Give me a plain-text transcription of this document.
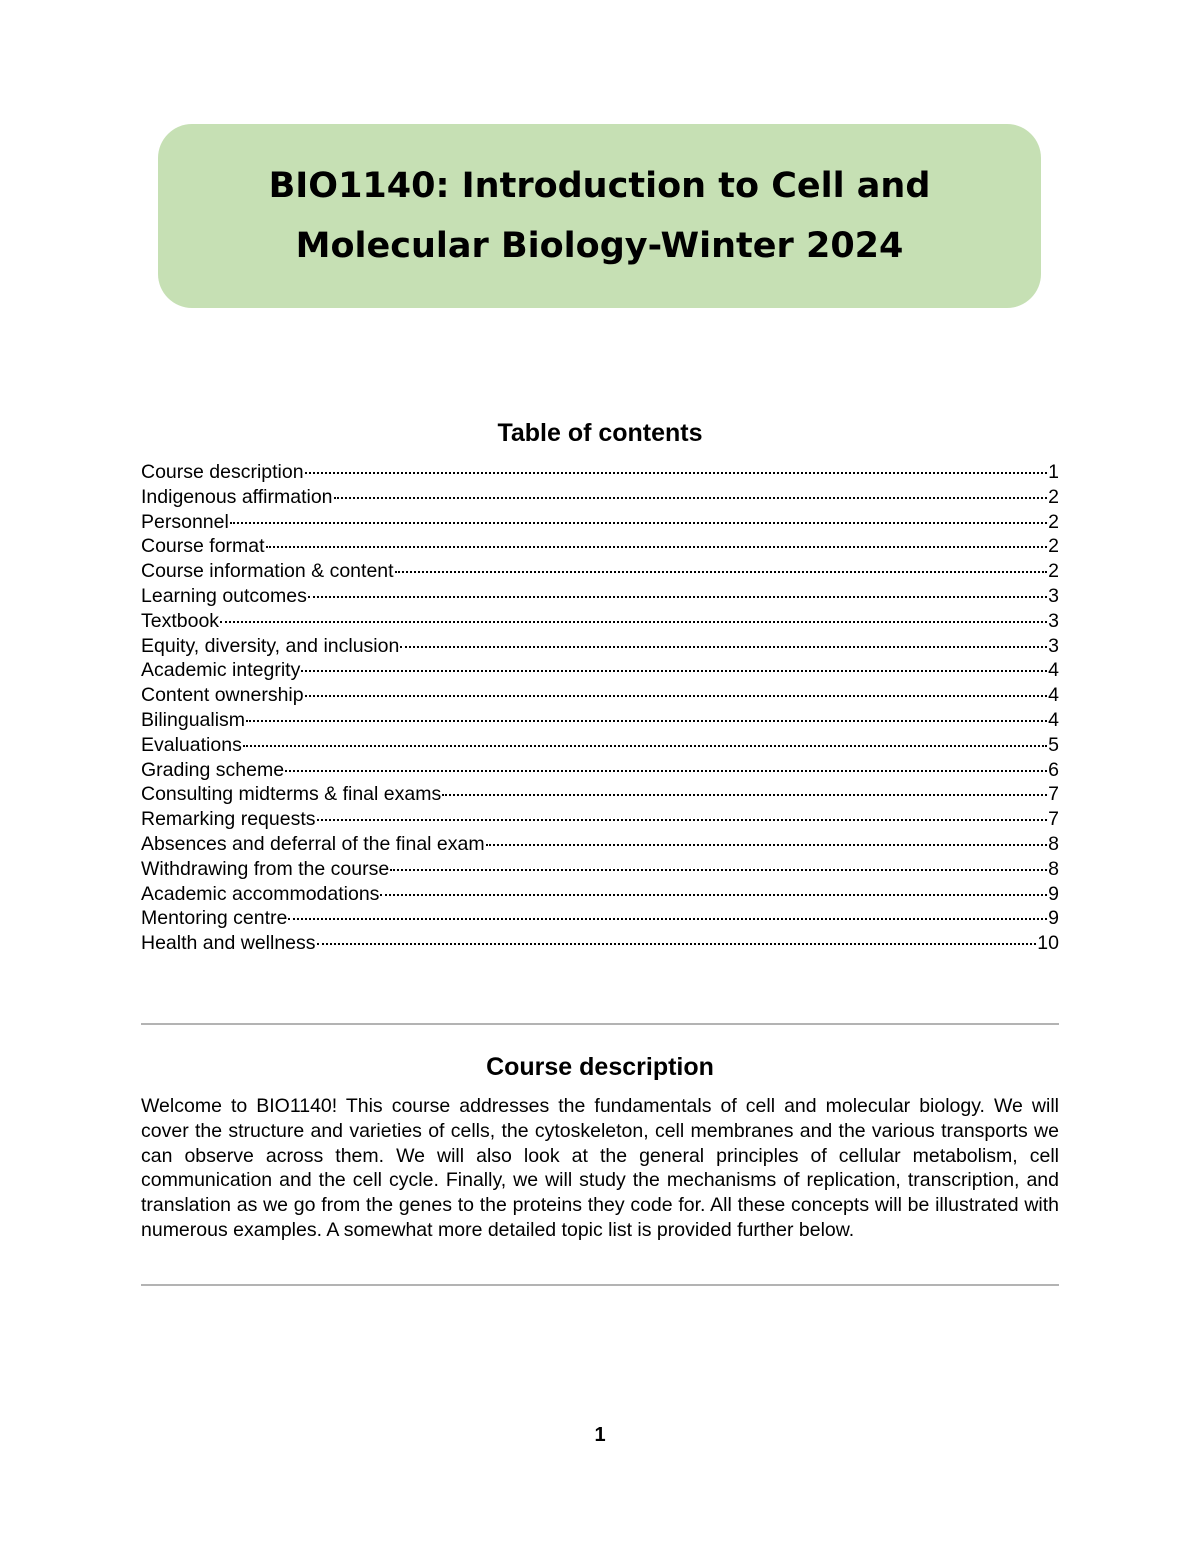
BIO1140: Introduction to Cell and
Molecular Biology-Winter 2024
Table of contents
Course description	1
Indigenous affirmation	2
Personnel	2
Course format	2
Course information & content	2
Learning outcomes	3
Textbook	3
Equity, diversity, and inclusion	3
Academic integrity	4
Content ownership	4
Bilingualism	4
Evaluations	5
Grading scheme	6
Consulting midterms & final exams	7
Remarking requests	7
Absences and deferral of the final exam	8
Withdrawing from the course	8
Academic accommodations	9
Mentoring centre	9
Health and wellness	10
Course description

Welcome to BIO1140! This course addresses the fundamentals of cell and molecular biology. We will cover the structure and varieties of cells, the cytoskeleton, cell membranes and the various transports we can observe across them. We will also look at the general principles of cellular metabolism, cell communication and the cell cycle. Finally, we will study the mechanisms of replication, transcription, and translation as we go from the genes to the proteins they code for. All these concepts will be illustrated with numerous examples. A somewhat more detailed topic list is provided further below.

1
